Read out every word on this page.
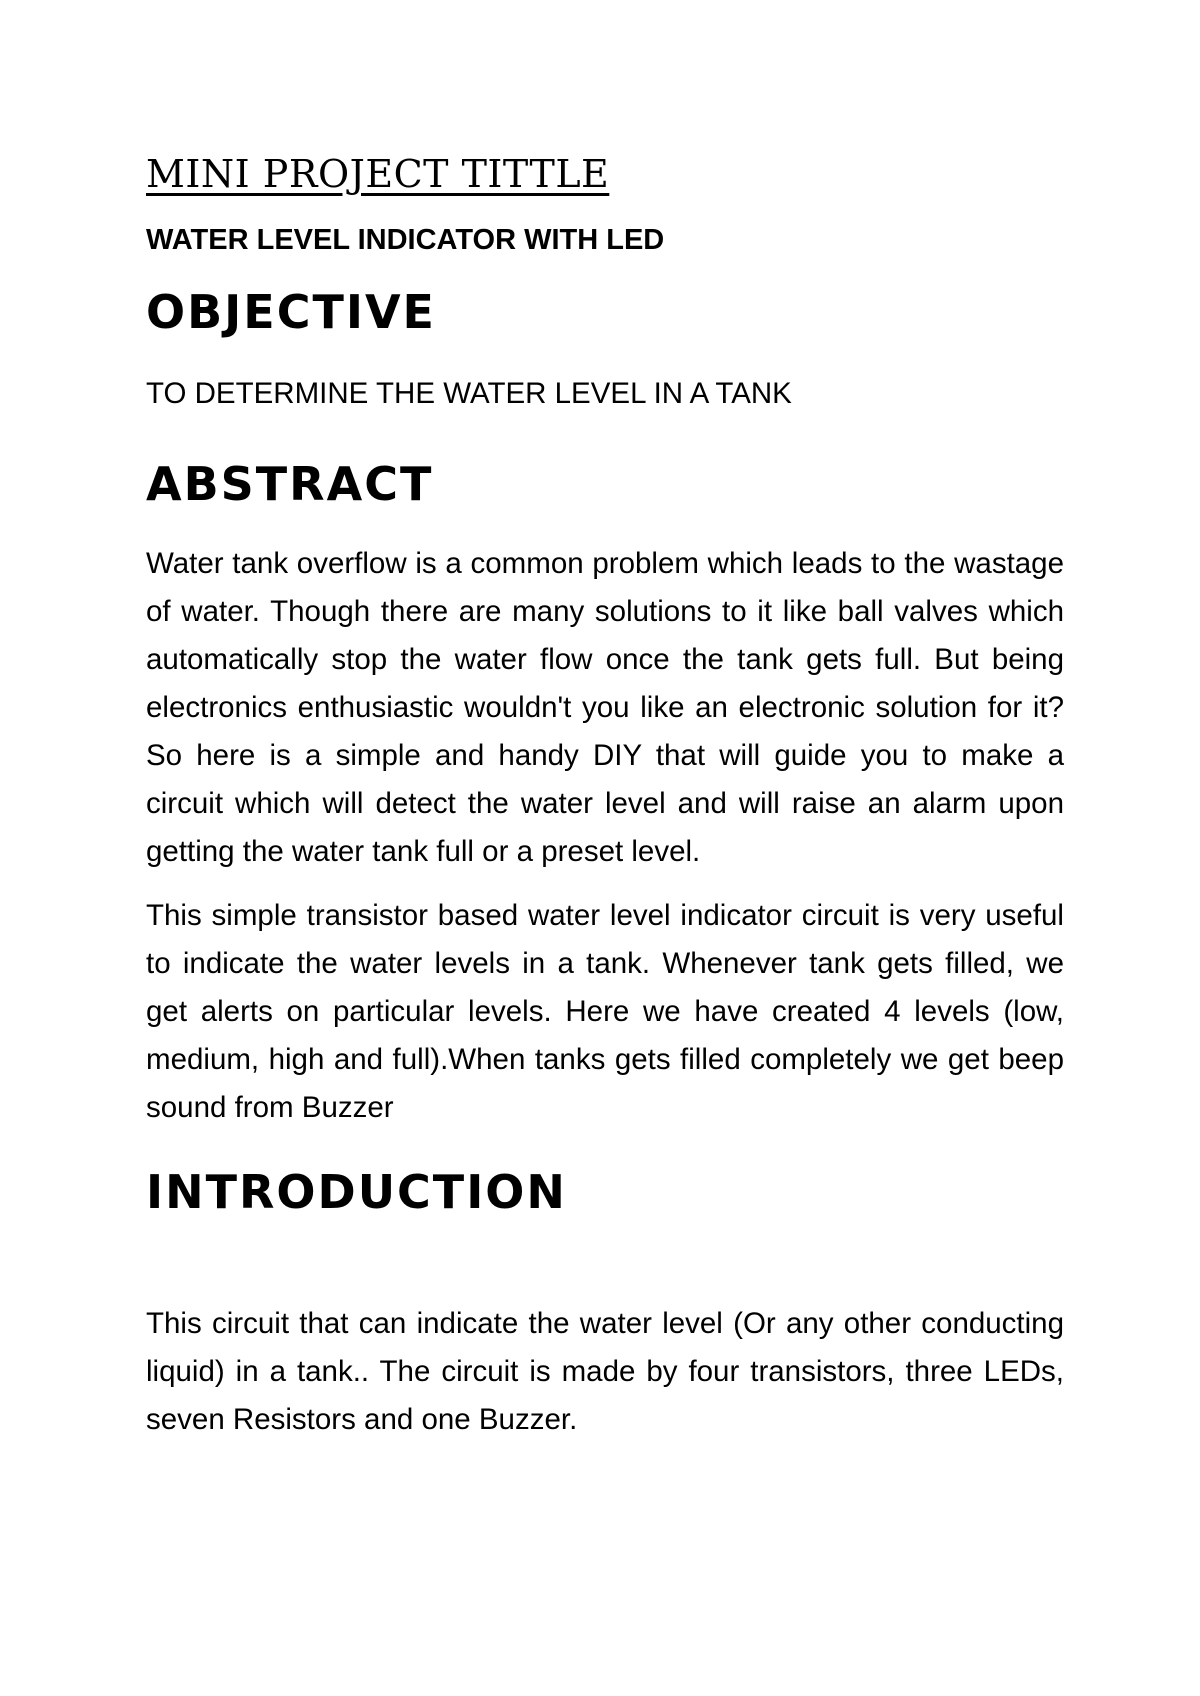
MINI PROJECT TITTLE

WATER LEVEL INDICATOR WITH LED

OBJECTIVE

TO DETERMINE THE WATER LEVEL IN A TANK

ABSTRACT

Water tank overflow is a common problem which leads to the wastage of water. Though there are many solutions to it like ball valves which automatically stop the water flow once the tank gets full. But being electronics enthusiastic wouldn't you like an electronic solution for it? So here is a simple and handy DIY that will guide you to make a circuit which will detect the water level and will raise an alarm upon getting the water tank full or a preset level.

This simple transistor based water level indicator circuit is very useful to indicate the water levels in a tank. Whenever tank gets filled, we get alerts on particular levels. Here we have created 4 levels (low, medium, high and full).When tanks gets filled completely we get beep sound from Buzzer

INTRODUCTION

This circuit that can indicate the water level (Or any other conducting liquid) in a tank.. The circuit is made by four transistors, three LEDs, seven Resistors and one Buzzer.
